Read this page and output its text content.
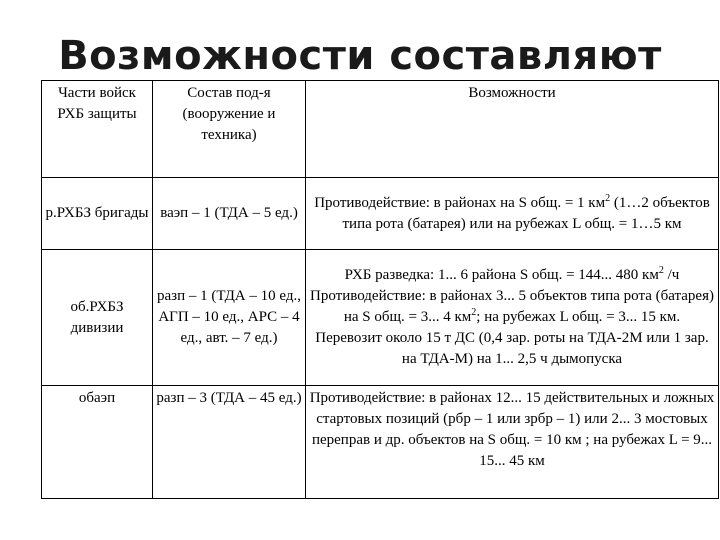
Возможности составляют
Части войск РХБ защиты	Состав под-я (вооружение и техника)	Возможности
р.РХБЗ бригады	ваэп – 1 (ТДА – 5 ед.)	Противодействие: в районах на S общ. = 1 $км^2$ (1…2 объектов типа рота (батарея) или на рубежах L общ. = 1…5 км
об.РХБЗ дивизии	разп – 1 (ТДА – 10 ед., АГП – 10 ед., АРС – 4 ед., авт. – 7 ед.)	РХБ разведка: 1... 6 района S общ. = 144... 480 $км^2$ /ч Противодействие: в районах 3... 5 объектов типа рота (батарея) на S общ. = 3... 4 $км^2$; на рубежах L общ. = 3... 15 км. Перевозит около 15 т ДС (0,4 зар. роты на ТДА-2М или 1 зар. на ТДА-М) на 1... 2,5 ч дымопуска
обаэп	разп – 3 (ТДА – 45 ед.)	Противодействие: в районах 12... 15 действительных и ложных стартовых позиций (рбр – 1 или зрбр – 1) или 2... 3 мостовых переправ и др. объектов на S общ. = 10 км ; на рубежах L = 9... 15... 45 км
